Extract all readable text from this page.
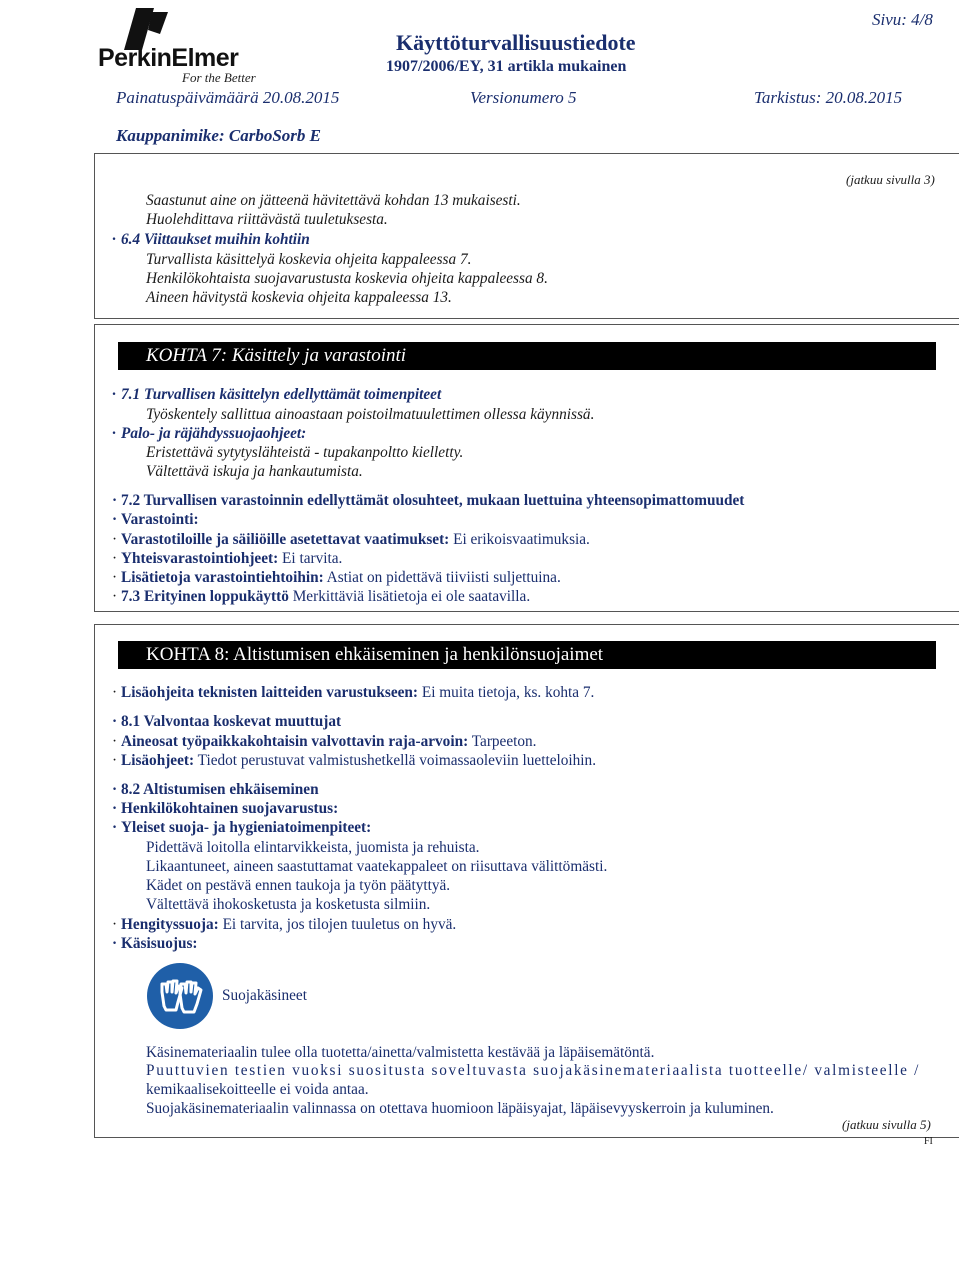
PerkinElmer
For the Better
Käyttöturvallisuustiedote
1907/2006/EY, 31 artikla mukainen
Sivu: 4/8
Painatuspäivämäärä 20.08.2015	Versionumero 5	Tarkistus: 20.08.2015
Kauppanimike: CarboSorb E
(jatkuu sivulla 3)
Saastunut aine on jätteenä hävitettävä kohdan 13 mukaisesti.
Huolehdittava riittävästä tuuletuksesta.
· 6.4 Viittaukset muihin kohtiin
Turvallista käsittelyä koskevia ohjeita kappaleessa 7.
Henkilökohtaista suojavarustusta koskevia ohjeita kappaleessa 8.
Aineen hävitystä koskevia ohjeita kappaleessa 13.
KOHTA 7: Käsittely ja varastointi
· 7.1 Turvallisen käsittelyn edellyttämät toimenpiteet
Työskentely sallittua ainoastaan poistoilmatuulettimen ollessa käynnissä.
· Palo- ja räjähdyssuojaohjeet:
Eristettävä sytytyslähteistä - tupakanpoltto kielletty.
Vältettävä iskuja ja hankautumista.
· 7.2 Turvallisen varastoinnin edellyttämät olosuhteet, mukaan luettuina yhteensopimattomuudet
· Varastointi:
· Varastotiloille ja säiliöille asetettavat vaatimukset: Ei erikoisvaatimuksia.
· Yhteisvarastointiohjeet: Ei tarvita.
· Lisätietoja varastointiehtoihin: Astiat on pidettävä tiiviisti suljettuina.
· 7.3 Erityinen loppukäyttö Merkittäviä lisätietoja ei ole saatavilla.
KOHTA 8: Altistumisen ehkäiseminen ja henkilönsuojaimet
· Lisäohjeita teknisten laitteiden varustukseen: Ei muita tietoja, ks. kohta 7.
· 8.1 Valvontaa koskevat muuttujat
· Aineosat työpaikkakohtaisin valvottavin raja-arvoin: Tarpeeton.
· Lisäohjeet: Tiedot perustuvat valmistushetkellä voimassaoleviin luetteloihin.
· 8.2 Altistumisen ehkäiseminen
· Henkilökohtainen suojavarustus:
· Yleiset suoja- ja hygieniatoimenpiteet:
Pidettävä loitolla elintarvikkeista, juomista ja rehuista.
Likaantuneet, aineen saastuttamat vaatekappaleet on riisuttava välittömästi.
Kädet on pestävä ennen taukoja ja työn päätyttyä.
Vältettävä ihokosketusta ja kosketusta silmiin.
· Hengityssuoja: Ei tarvita, jos tilojen tuuletus on hyvä.
· Käsisuojus:
Suojakäsineet
Käsinemateriaalin tulee olla tuotetta/ainetta/valmistetta kestävää ja läpäisemätöntä.
Puuttuvien testien vuoksi suositusta soveltuvasta suojakäsinemateriaalista tuotteelle/ valmisteelle /
kemikaalisekoitteelle ei voida antaa.
Suojakäsinemateriaalin valinnassa on otettava huomioon läpäisyajat, läpäisevyyskerroin ja kuluminen.
(jatkuu sivulla 5)
FI
